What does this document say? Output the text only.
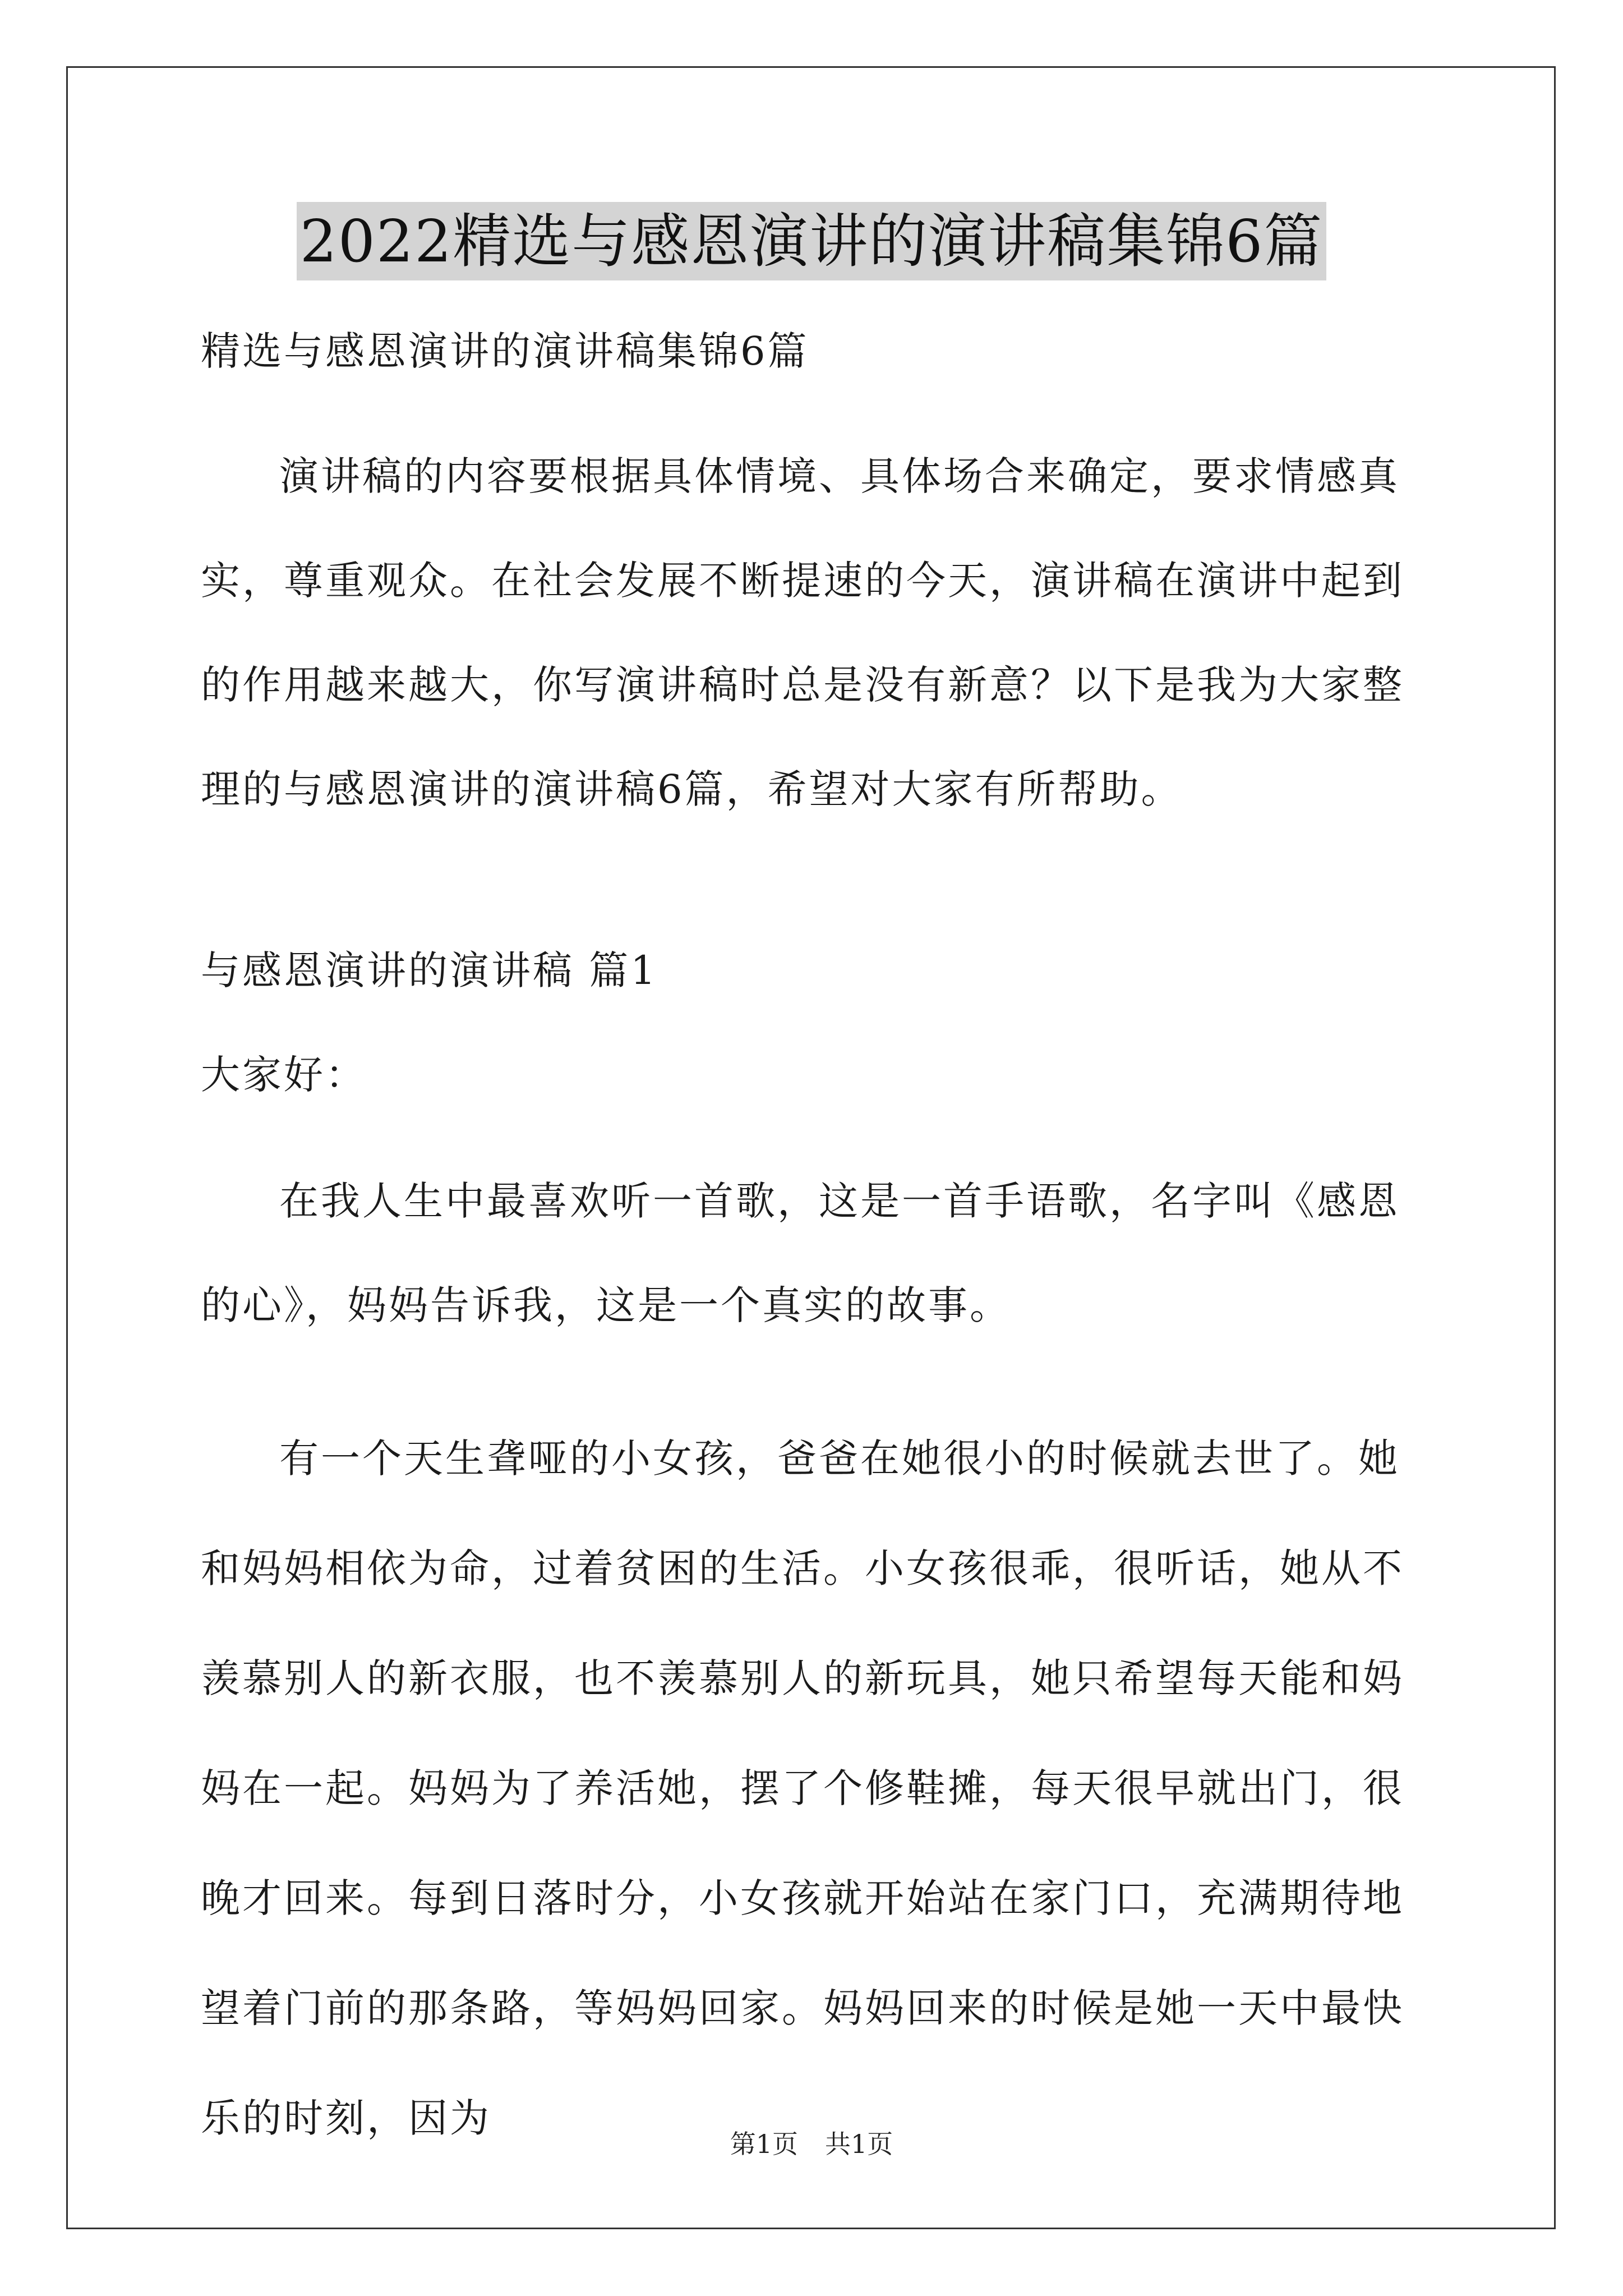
2022精选与感恩演讲的演讲稿集锦6篇
精选与感恩演讲的演讲稿集锦6篇

演讲稿的内容要根据具体情境、具体场合来确定，要求情感真实，尊重观众。在社会发展不断提速的今天，演讲稿在演讲中起到的作用越来越大，你写演讲稿时总是没有新意？以下是我为大家整理的与感恩演讲的演讲稿6篇，希望对大家有所帮助。

与感恩演讲的演讲稿 篇1
大家好：

在我人生中最喜欢听一首歌，这是一首手语歌，名字叫《感恩的心》，妈妈告诉我，这是一个真实的故事。

有一个天生聋哑的小女孩，爸爸在她很小的时候就去世了。她和妈妈相依为命，过着贫困的生活。小女孩很乖，很听话，她从不羡慕别人的新衣服，也不羡慕别人的新玩具，她只希望每天能和妈妈在一起。妈妈为了养活她，摆了个修鞋摊，每天很早就出门，很晚才回来。每到日落时分，小女孩就开始站在家门口，充满期待地望着门前的那条路，等妈妈回家。妈妈回来的时候是她一天中最快乐的时刻，因为

第1页 共1页
